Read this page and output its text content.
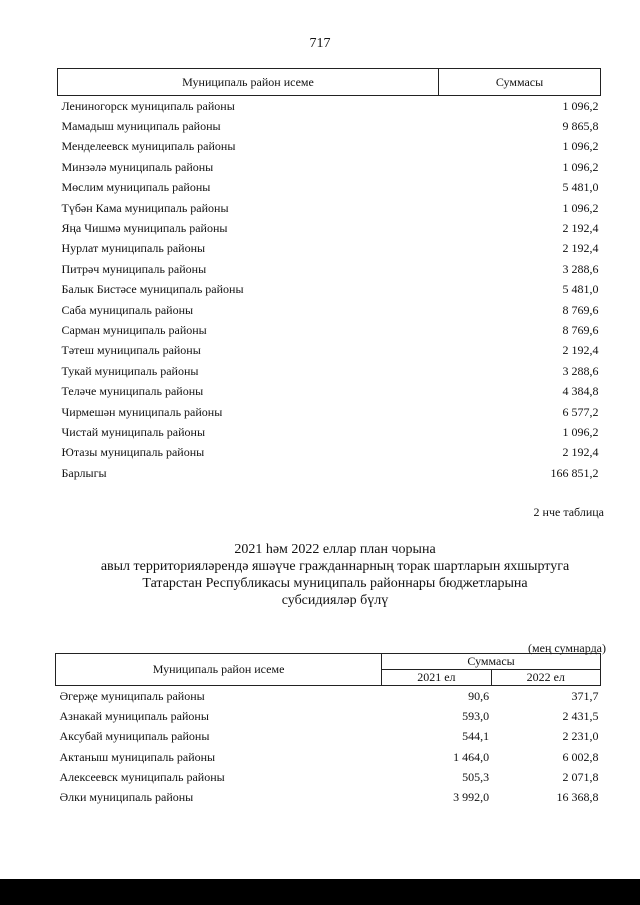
717
Муниципаль район исеме	Суммасы
Лениногорск муниципаль районы	1 096,2
Мамадыш муниципаль районы	9 865,8
Менделеевск муниципаль районы	1 096,2
Минзәлә муниципаль районы	1 096,2
Мөслим муниципаль районы	5 481,0
Түбән Кама муниципаль районы	1 096,2
Яңа Чишмә муниципаль районы	2 192,4
Нурлат муниципаль районы	2 192,4
Питрәч муниципаль районы	3 288,6
Балык Бистәсе муниципаль районы	5 481,0
Саба муниципаль районы	8 769,6
Сарман муниципаль районы	8 769,6
Тәтеш муниципаль районы	2 192,4
Тукай муниципаль районы	3 288,6
Теләче муниципаль районы	4 384,8
Чирмешән муниципаль районы	6 577,2
Чистай муниципаль районы	1 096,2
Ютазы муниципаль районы	2 192,4
Барлыгы	166 851,2
2 нче таблица
2021 һәм 2022 еллар план чорына
авыл территорияләрендә яшәүче гражданнарның торак шартларын яхшыртуга
Татарстан Республикасы муниципаль районнары бюджетларына
субсидияләр бүлү
(мең сумнарда)
Муниципаль район исеме	Суммасы	
	2021 ел	2022 ел
Әгерҗе муниципаль районы	90,6	371,7
Азнакай муниципаль районы	593,0	2 431,5
Аксубай муниципаль районы	544,1	2 231,0
Актаныш муниципаль районы	1 464,0	6 002,8
Алексеевск муниципаль районы	505,3	2 071,8
Әлки муниципаль районы	3 992,0	16 368,8
